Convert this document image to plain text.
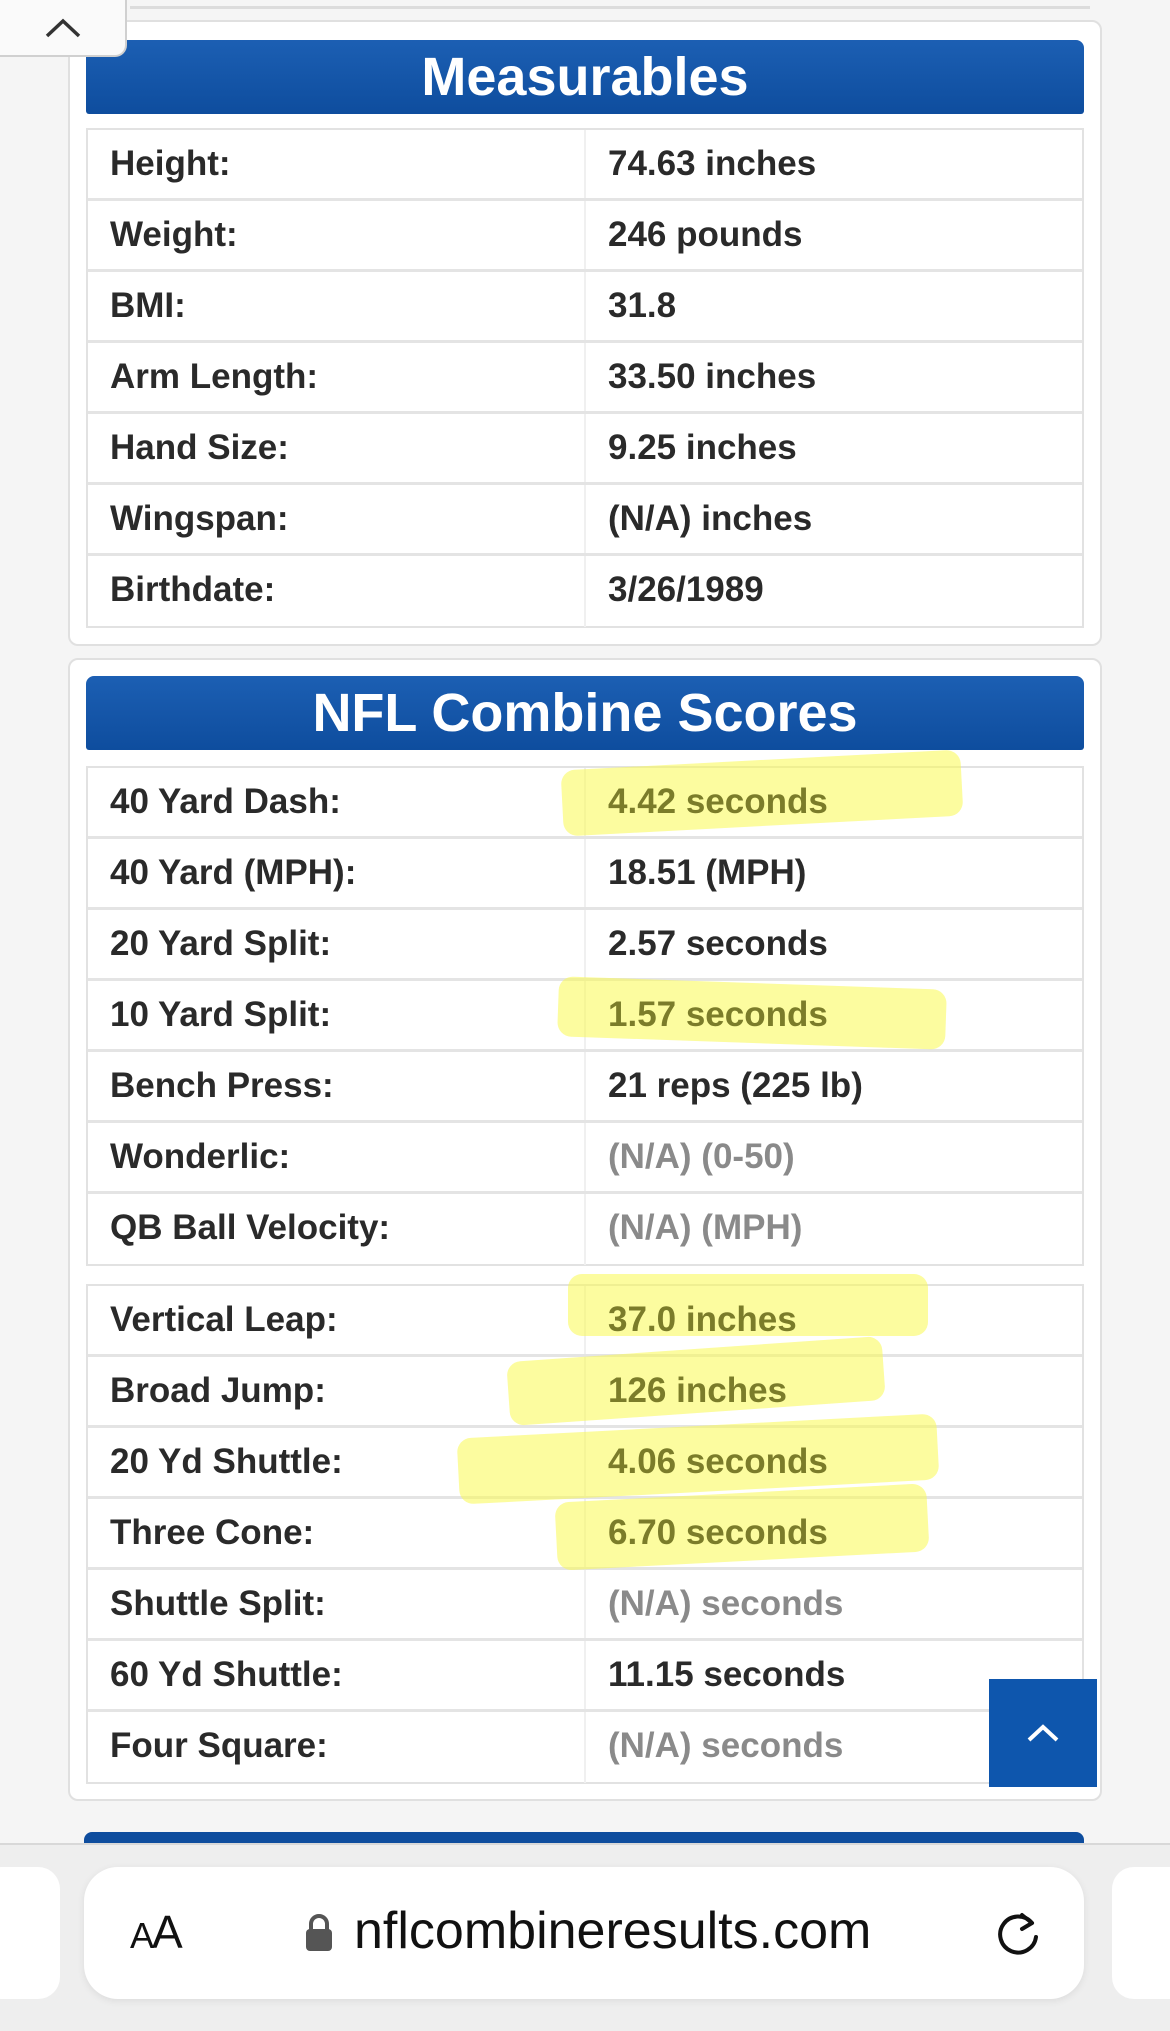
Measurables
Height:	74.63 inches
Weight:	246 pounds
BMI:	31.8
Arm Length:	33.50 inches
Hand Size:	9.25 inches
Wingspan:	(N/A) inches
Birthdate:	3/26/1989
NFL Combine Scores
40 Yard Dash:	4.42 seconds
40 Yard (MPH):	18.51 (MPH)
20 Yard Split:	2.57 seconds
10 Yard Split:	1.57 seconds
Bench Press:	21 reps (225 lb)
Wonderlic:	(N/A) (0-50)
QB Ball Velocity:	(N/A) (MPH)
Vertical Leap:	37.0 inches
Broad Jump:	126 inches
20 Yd Shuttle:	4.06 seconds
Three Cone:	6.70 seconds
Shuttle Split:	(N/A) seconds
60 Yd Shuttle:	11.15 seconds
Four Square:	(N/A) seconds
AA	nflcombineresults.com
